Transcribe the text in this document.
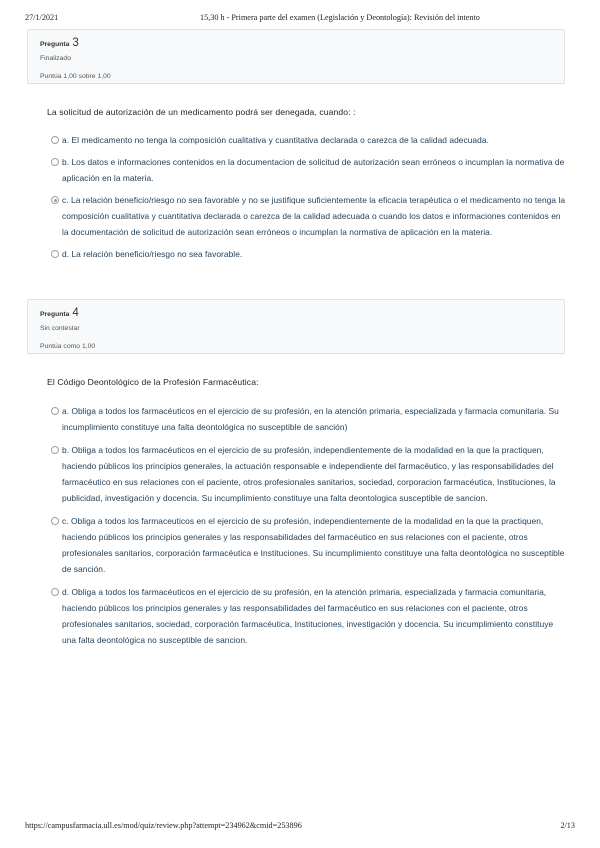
27/1/2021	15,30 h - Primera parte del examen (Legislación y Deontología): Revisión del intento
Pregunta 3
Finalizado
Puntúa 1,00 sobre 1,00
La solicitud de autorización de un medicamento podrá ser denegada, cuando: :
a. El medicamento no tenga la composición cualitativa y cuantitativa declarada o carezca de la calidad adecuada.
b. Los datos e informaciones contenidos en la documentacion de solicitud de autorización sean erróneos o incumplan la normativa de aplicación en la materia.
c. La relación beneficio/riesgo no sea favorable y no se justifique suficientemente la eficacia terapéutica o el medicamento no tenga la composición cualitativa y cuantitativa declarada o carezca de la calidad adecuada o cuando los datos e informaciones contenidos en la documentación de solicitud de autorización sean erróneos o incumplan la normativa de aplicación en la materia.
d. La relación beneficio/riesgo no sea favorable.
Pregunta 4
Sin contestar
Puntúa como 1,00
El Código Deontológico de la Profesión Farmacéutica:
a. Obliga a todos los farmacéuticos en el ejercicio de su profesión, en la atención primaria, especializada y farmacia comunitaria. Su incumplimiento constituye una falta deontológica no susceptible de sanción)
b. Obliga a todos los farmacéuticos en el ejercicio de su profesión, independientemente de la modalidad en la que la practiquen, haciendo públicos los principios generales, la actuación responsable e independiente del farmacéutico, y las responsabilidades del farmacéutico en sus relaciones con el paciente, otros profesionales sanitarios, sociedad, corporacion farmacéutica, Instituciones, la publicidad, investigación y docencia. Su incumplimiento constituye una falta deontologica susceptible de sancion.
c. Obliga a todos los farmaceuticos en el ejercicio de su profesión, independientemente de la modalidad en la que la practiquen, haciendo públicos los principios generales y las responsabilidades del farmacéutico en sus relaciones con el paciente, otros profesionales sanitarios, corporación farmacéutica e Instituciones. Su incumplimiento constituye una falta deontológica no susceptible de sanción.
d. Obliga a todos los farmacéuticos en el ejercicio de su profesión, en la atención primaria, especializada y farmacia comunitaria, haciendo públicos los principios generales y las responsabilidades del farmacéutico en sus relaciones con el paciente, otros profesionales sanitarios, sociedad, corporación farmacéutica, Instituciones, investigación y docencia. Su incumplimiento constituye una falta deontológica no susceptible de sancion.
https://campusfarmacia.ull.es/mod/quiz/review.php?attempt=234962&cmid=253896	2/13
